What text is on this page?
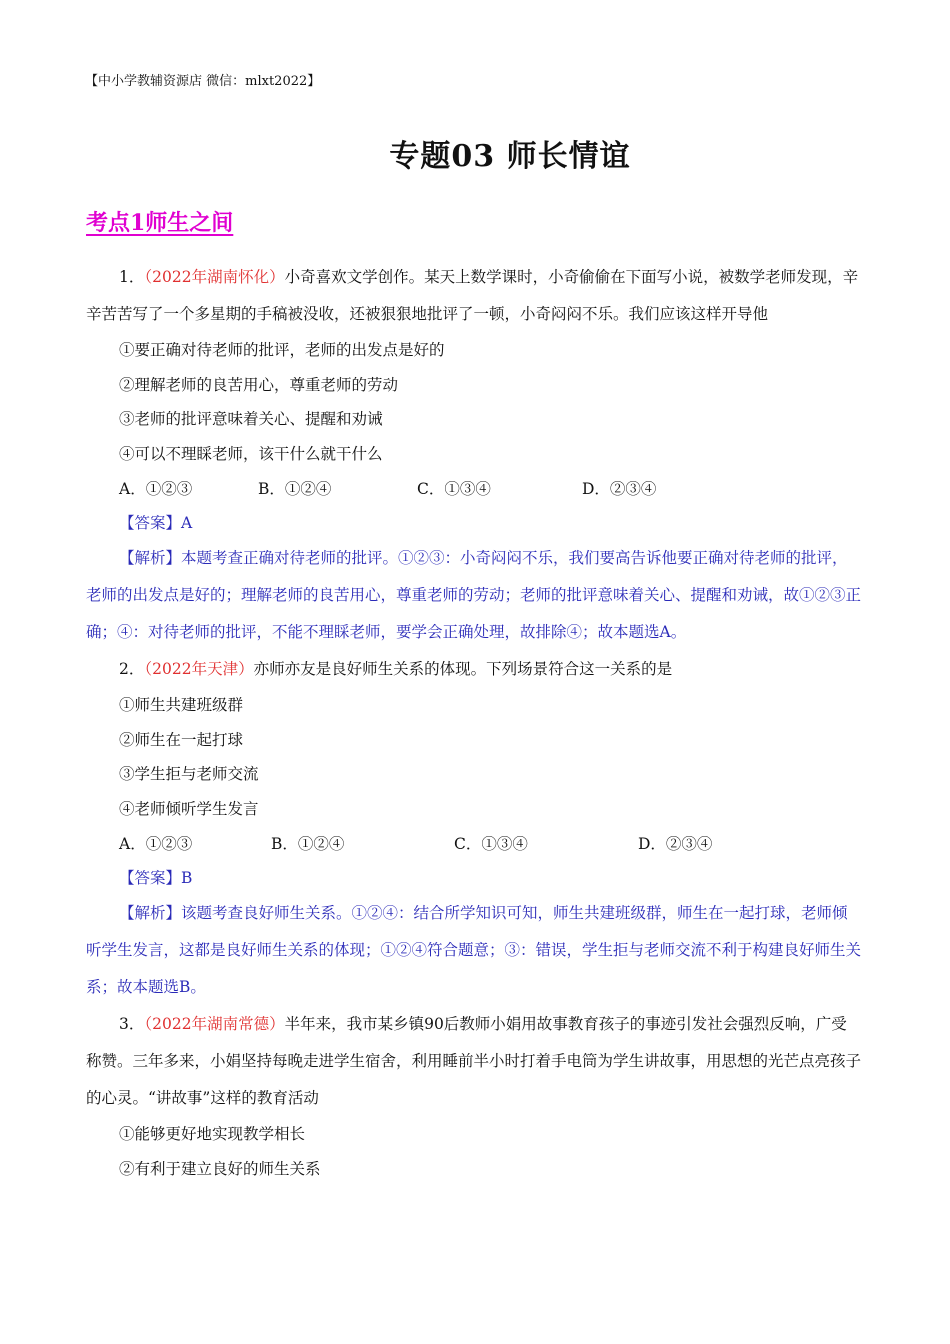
【中小学教辅资源店 微信：mlxt2022】
专题03 师长情谊
考点1师生之间

1．（2022年湖南怀化）小奇喜欢文学创作。某天上数学课时，小奇偷偷在下面写小说，被数学老师发现，辛辛苦苦写了一个多星期的手稿被没收，还被狠狠地批评了一顿，小奇闷闷不乐。我们应该这样开导他

①要正确对待老师的批评，老师的出发点是好的
②理解老师的良苦用心，尊重老师的劳动
③老师的批评意味着关心、提醒和劝诫
④可以不理睬老师，该干什么就干什么
A．①②③	B．①②④	C．①③④	D．②③④
【答案】A

【解析】本题考查正确对待老师的批评。①②③：小奇闷闷不乐，我们要高告诉他要正确对待老师的批评，老师的出发点是好的；理解老师的良苦用心，尊重老师的劳动；老师的批评意味着关心、提醒和劝诫，故①②③正确；④：对待老师的批评，不能不理睬老师，要学会正确处理，故排除④；故本题选A。

2．（2022年天津）亦师亦友是良好师生关系的体现。下列场景符合这一关系的是

①师生共建班级群
②师生在一起打球
③学生拒与老师交流
④老师倾听学生发言
A．①②③	B．①②④	C．①③④	D．②③④
【答案】B

【解析】该题考查良好师生关系。①②④：结合所学知识可知，师生共建班级群，师生在一起打球，老师倾听学生发言，这都是良好师生关系的体现；①②④符合题意；③：错误，学生拒与老师交流不利于构建良好师生关系；故本题选B。

3．（2022年湖南常德）半年来，我市某乡镇90后教师小娟用故事教育孩子的事迹引发社会强烈反响，广受称赞。三年多来，小娟坚持每晚走进学生宿舍，利用睡前半小时打着手电筒为学生讲故事，用思想的光芒点亮孩子的心灵。“讲故事”这样的教育活动

①能够更好地实现教学相长
②有利于建立良好的师生关系
